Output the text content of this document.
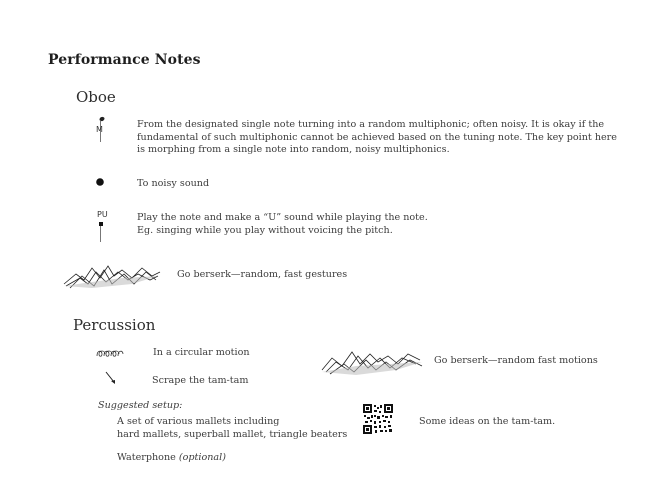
Performance Notes
Oboe
M	From the designated single note turning into a random multiphonic; often noisy. It is okay if the
fundamental of such multiphonic cannot be achieved based on the tuning note. The key point here
is morphing from a single note into random, noisy multiphonics.
To noisy sound
PU	Play the note and make a “U” sound while playing the note.
Eg. singing while you play without voicing the pitch.
Go berserk—random, fast gestures
Percussion
In a circular motion
Scrape the tam-tam
Go berserk—random fast motions
Suggested setup:
A set of various mallets including
hard mallets, superball mallet, triangle beaters
Waterphone (optional)
Some ideas on the tam-tam.
